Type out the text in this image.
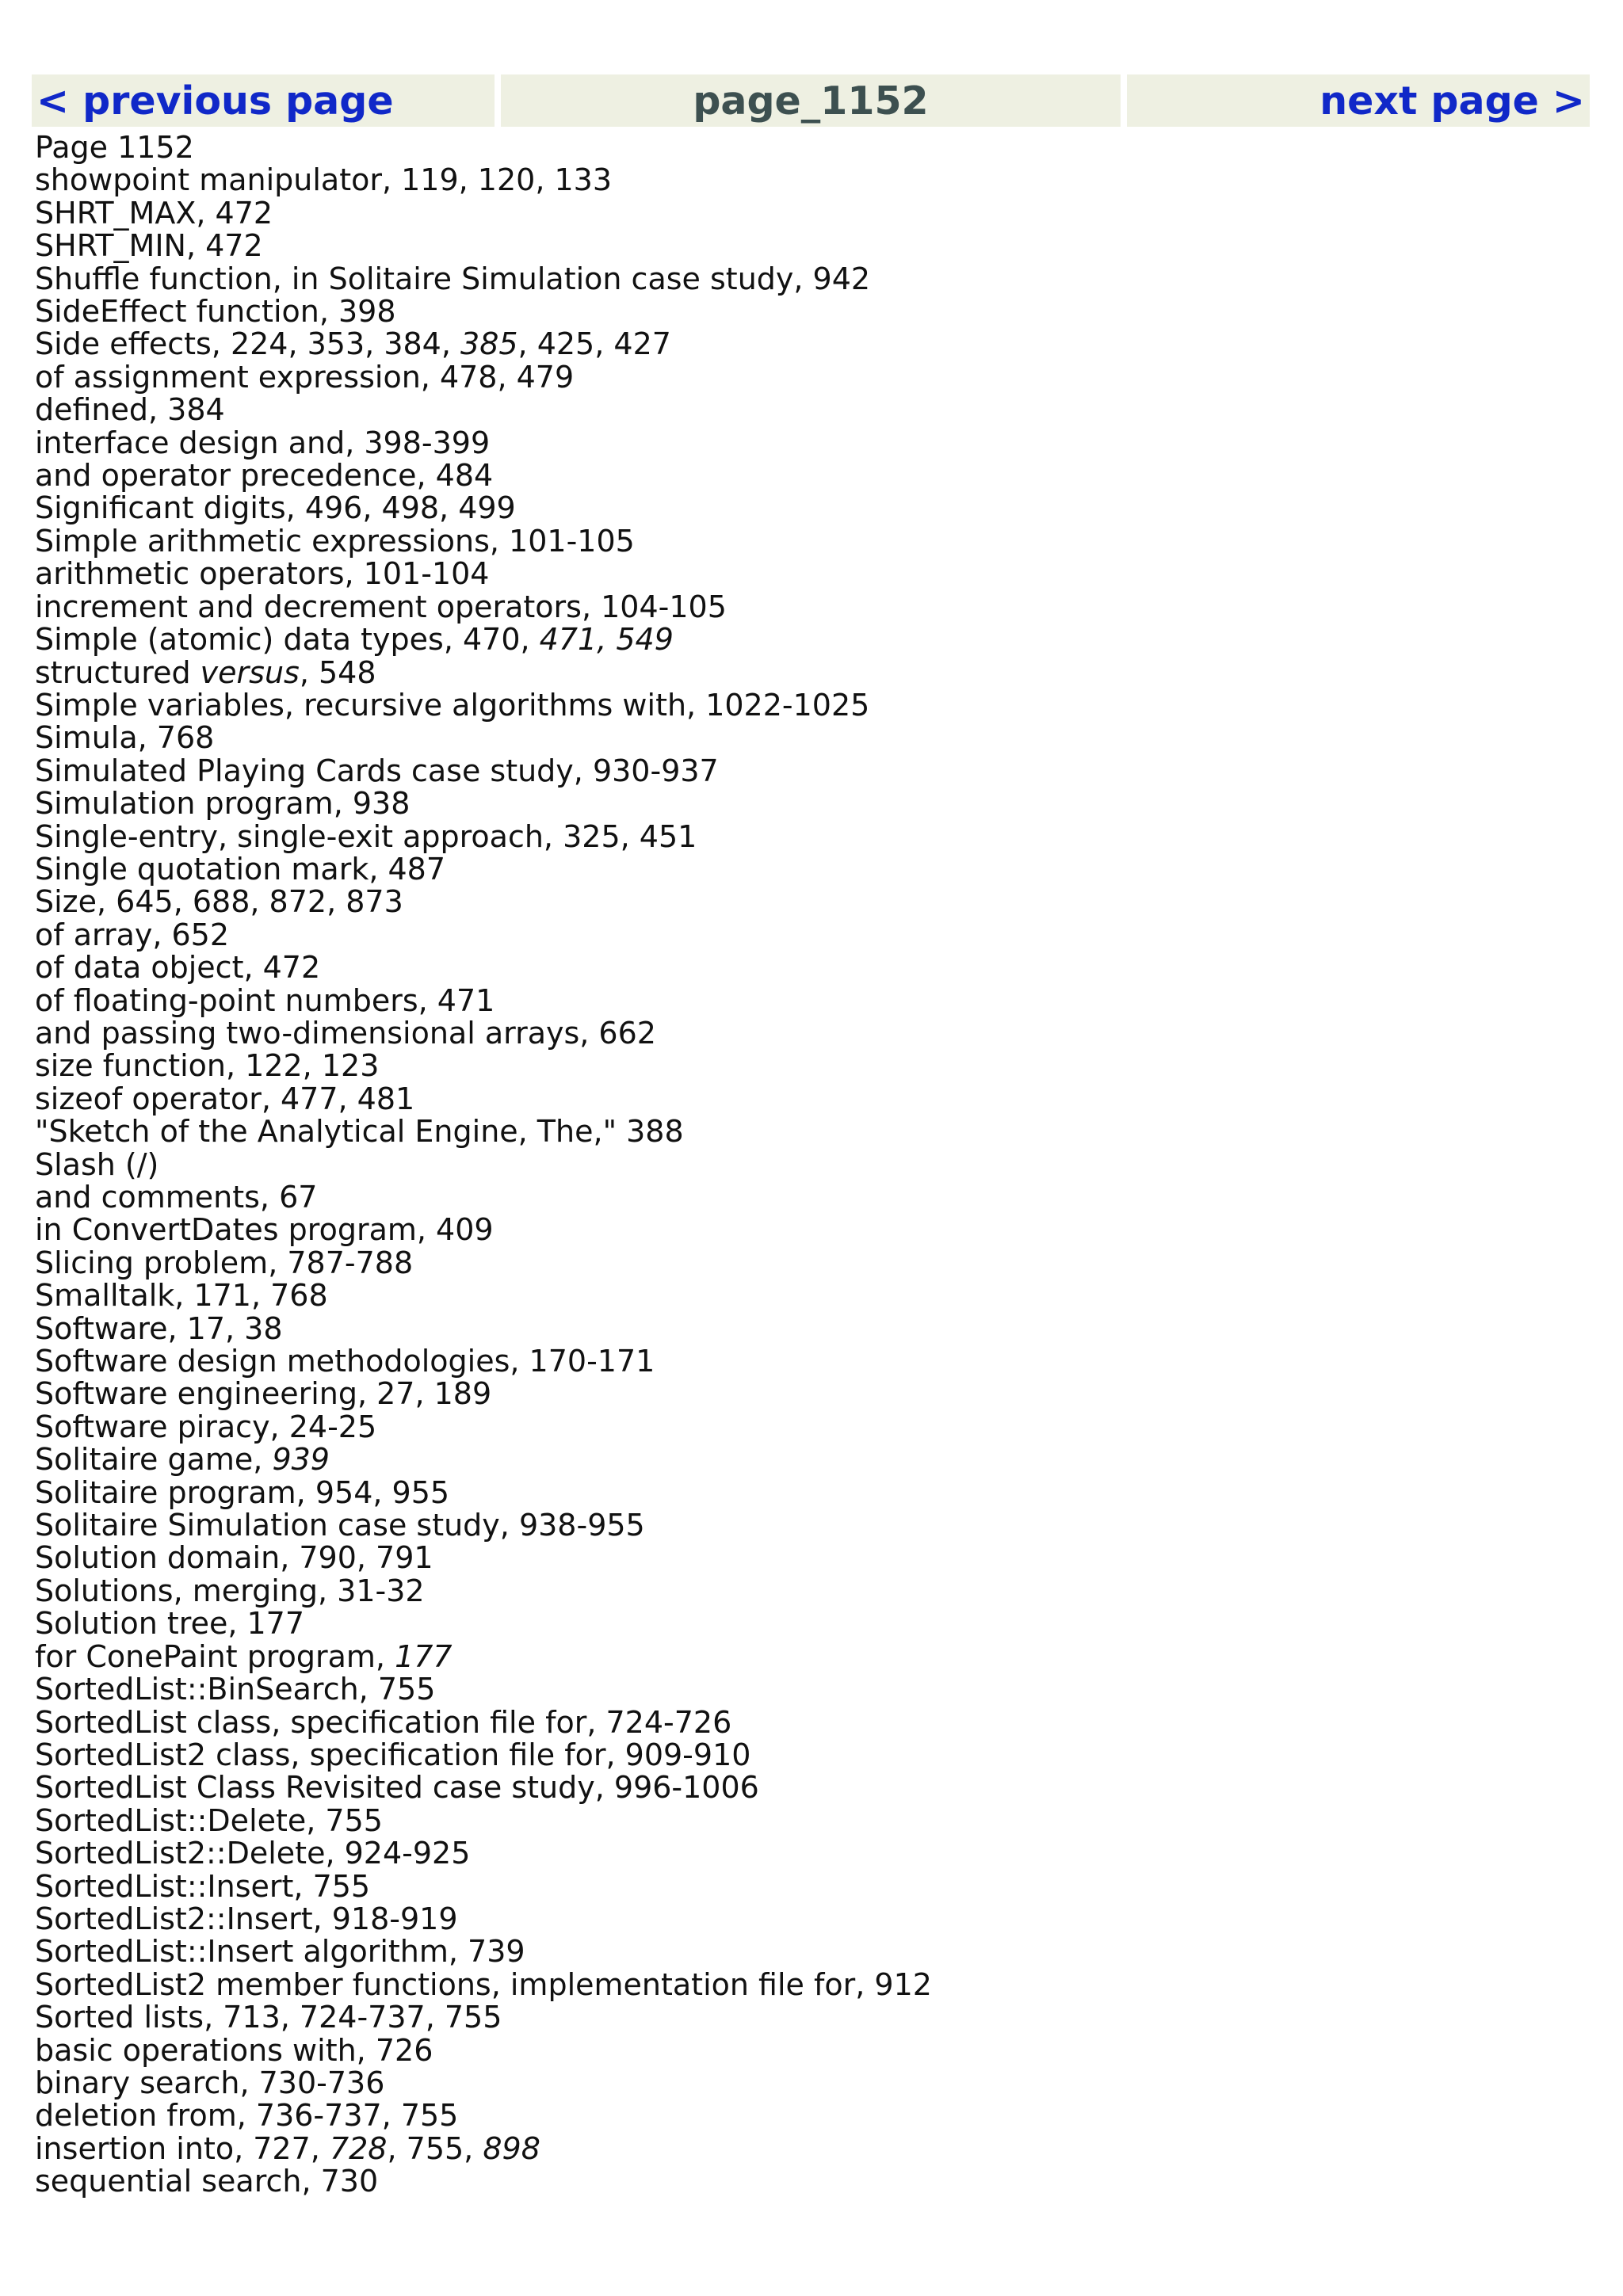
< previous page	page_1152	next page >
Page 1152
showpoint manipulator, 119, 120, 133
SHRT_MAX, 472
SHRT_MIN, 472
Shuffle function, in Solitaire Simulation case study, 942
SideEffect function, 398
Side effects, 224, 353, 384, 385, 425, 427
of assignment expression, 478, 479
defined, 384
interface design and, 398-399
and operator precedence, 484
Significant digits, 496, 498, 499
Simple arithmetic expressions, 101-105
arithmetic operators, 101-104
increment and decrement operators, 104-105
Simple (atomic) data types, 470, 471, 549
structured versus, 548
Simple variables, recursive algorithms with, 1022-1025
Simula, 768
Simulated Playing Cards case study, 930-937
Simulation program, 938
Single-entry, single-exit approach, 325, 451
Single quotation mark, 487
Size, 645, 688, 872, 873
of array, 652
of data object, 472
of floating-point numbers, 471
and passing two-dimensional arrays, 662
size function, 122, 123
sizeof operator, 477, 481
"Sketch of the Analytical Engine, The," 388
Slash (/)
and comments, 67
in ConvertDates program, 409
Slicing problem, 787-788
Smalltalk, 171, 768
Software, 17, 38
Software design methodologies, 170-171
Software engineering, 27, 189
Software piracy, 24-25
Solitaire game, 939
Solitaire program, 954, 955
Solitaire Simulation case study, 938-955
Solution domain, 790, 791
Solutions, merging, 31-32
Solution tree, 177
for ConePaint program, 177
SortedList::BinSearch, 755
SortedList class, specification file for, 724-726
SortedList2 class, specification file for, 909-910
SortedList Class Revisited case study, 996-1006
SortedList::Delete, 755
SortedList2::Delete, 924-925
SortedList::Insert, 755
SortedList2::Insert, 918-919
SortedList::Insert algorithm, 739
SortedList2 member functions, implementation file for, 912
Sorted lists, 713, 724-737, 755
basic operations with, 726
binary search, 730-736
deletion from, 736-737, 755
insertion into, 727, 728, 755, 898
sequential search, 730
